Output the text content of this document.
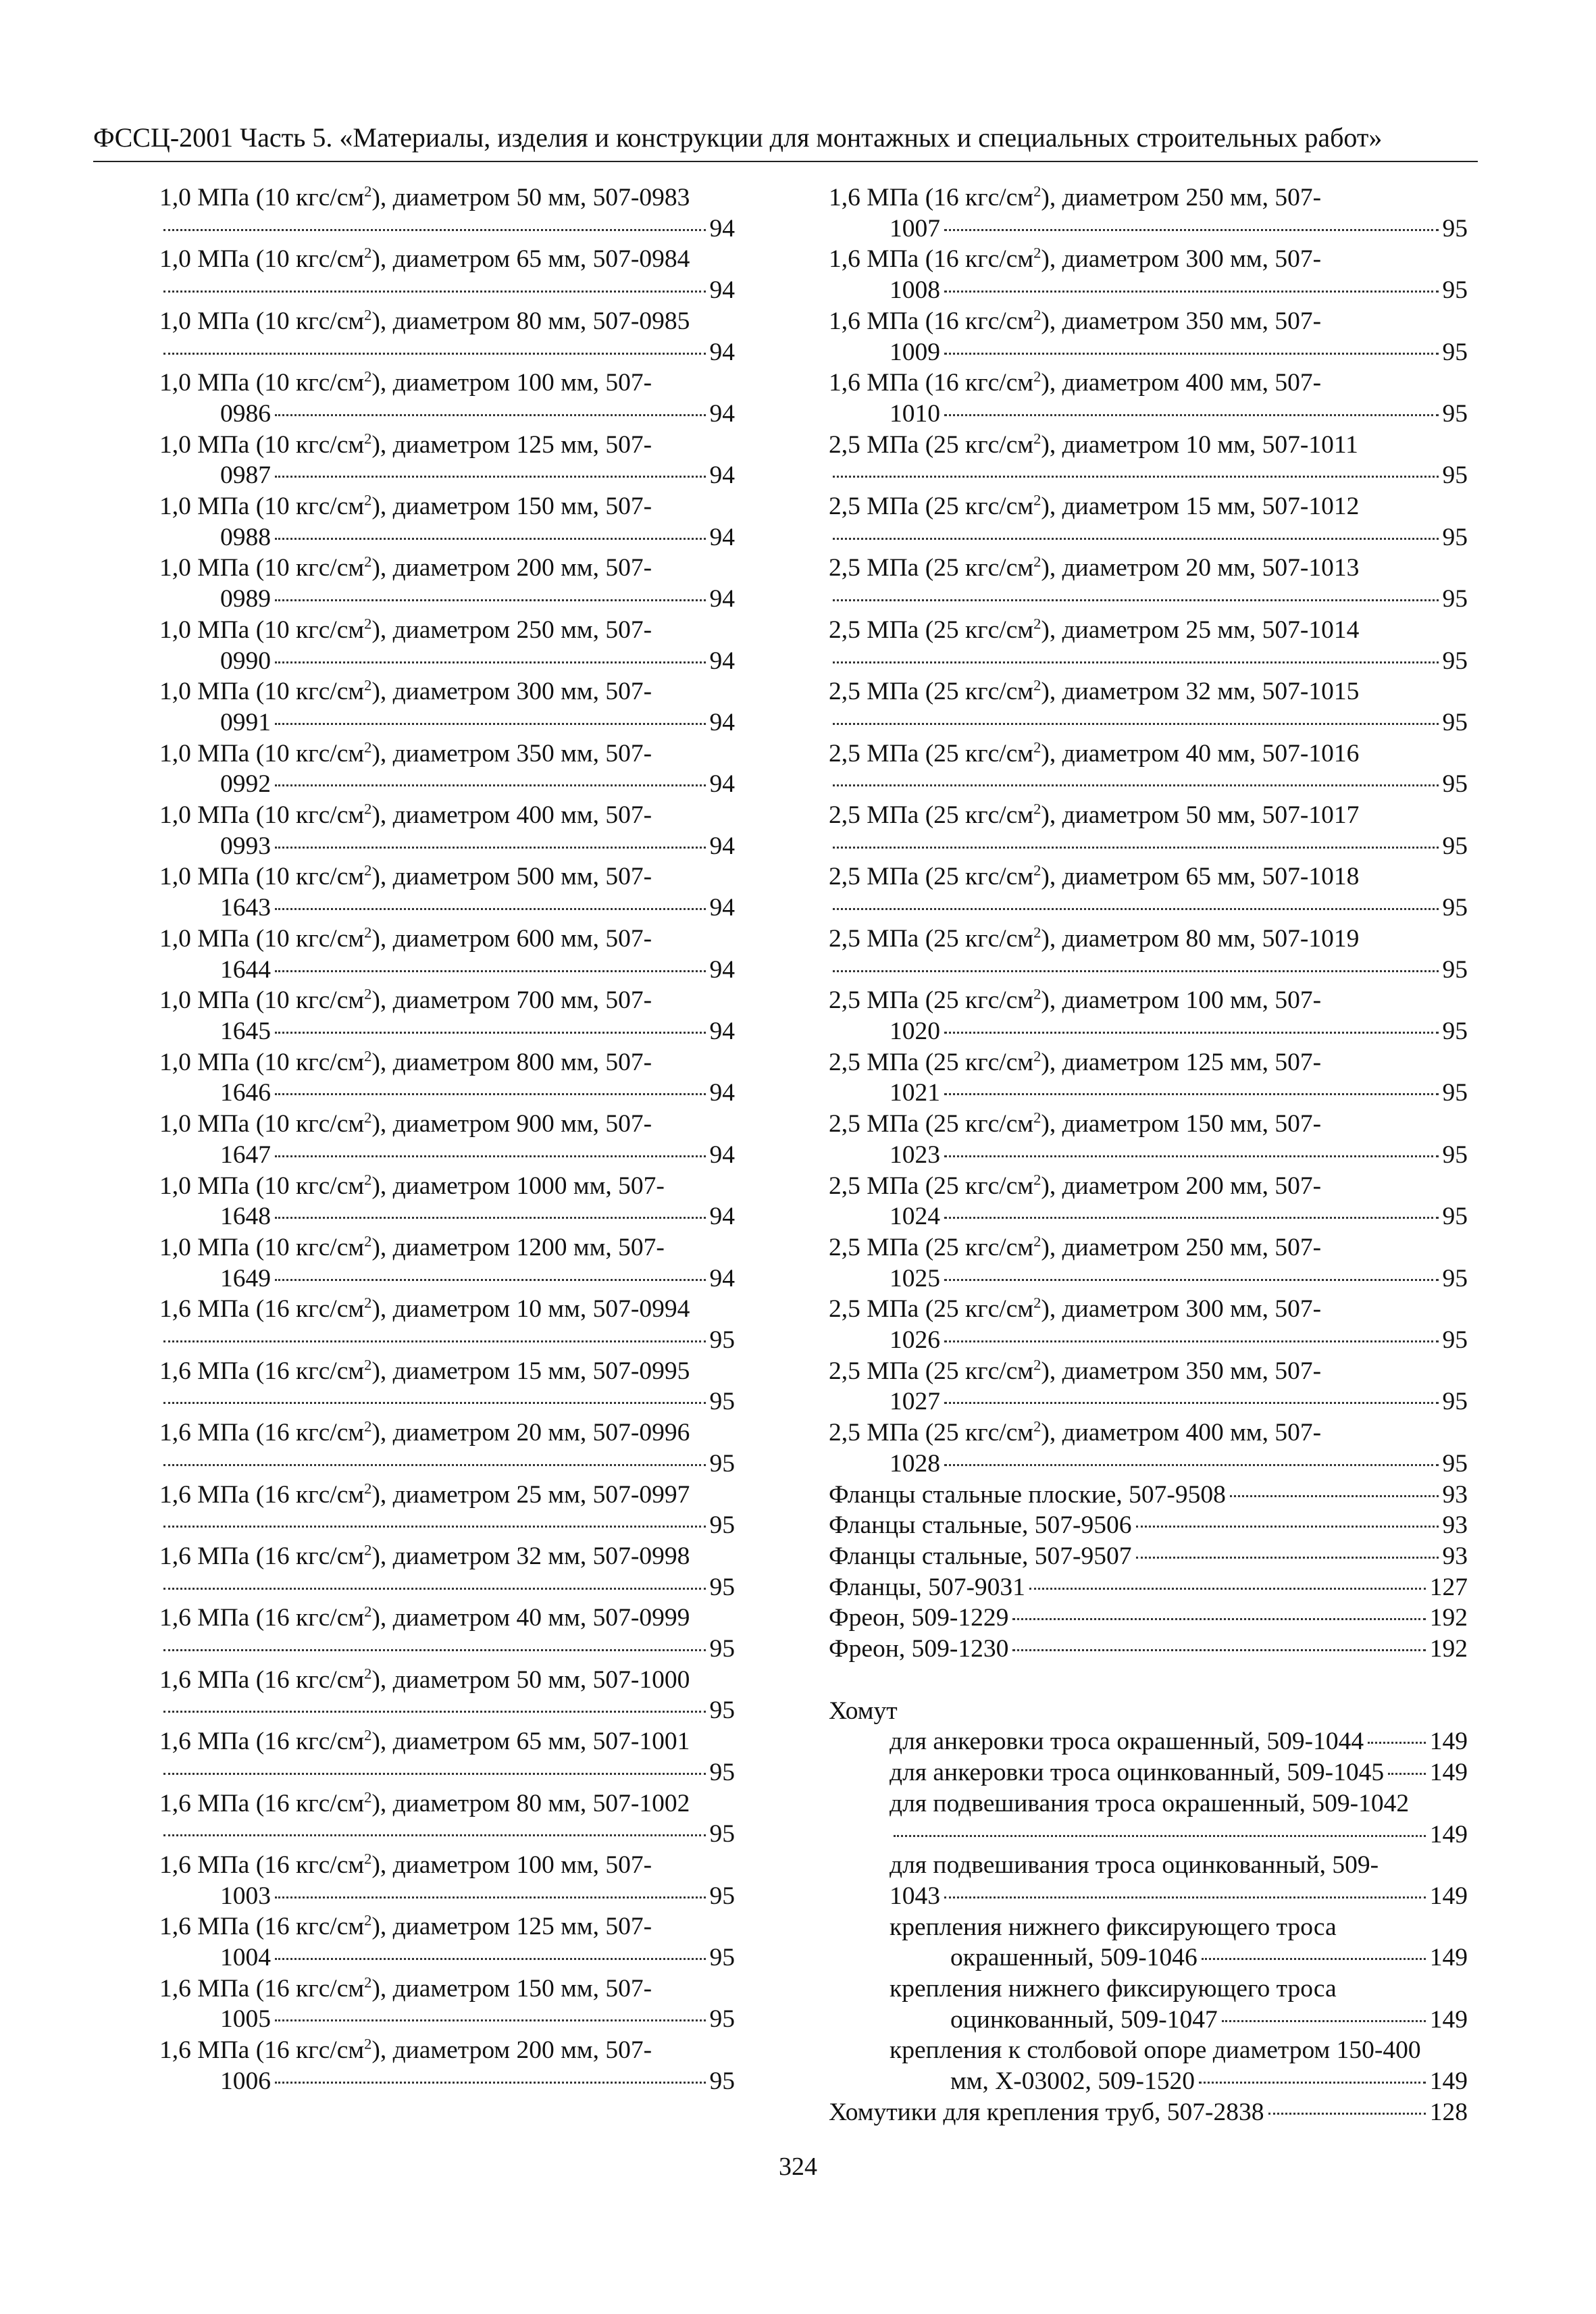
ФССЦ-2001 Часть 5. «Материалы, изделия и конструкции для монтажных и специальных строительных работ»
1,0 МПа (10 кгс/$см^2$), диаметром 50 мм, 507-0983
94
1,0 МПа (10 кгс/$см^2$), диаметром 65 мм, 507-0984
94
1,0 МПа (10 кгс/$см^2$), диаметром 80 мм, 507-0985
94
1,0 МПа (10 кгс/$см^2$), диаметром 100 мм, 507-
0986	94
1,0 МПа (10 кгс/$см^2$), диаметром 125 мм, 507-
0987	94
1,0 МПа (10 кгс/$см^2$), диаметром 150 мм, 507-
0988	94
1,0 МПа (10 кгс/$см^2$), диаметром 200 мм, 507-
0989	94
1,0 МПа (10 кгс/$см^2$), диаметром 250 мм, 507-
0990	94
1,0 МПа (10 кгс/$см^2$), диаметром 300 мм, 507-
0991	94
1,0 МПа (10 кгс/$см^2$), диаметром 350 мм, 507-
0992	94
1,0 МПа (10 кгс/$см^2$), диаметром 400 мм, 507-
0993	94
1,0 МПа (10 кгс/$см^2$), диаметром 500 мм, 507-
1643	94
1,0 МПа (10 кгс/$см^2$), диаметром 600 мм, 507-
1644	94
1,0 МПа (10 кгс/$см^2$), диаметром 700 мм, 507-
1645	94
1,0 МПа (10 кгс/$см^2$), диаметром 800 мм, 507-
1646	94
1,0 МПа (10 кгс/$см^2$), диаметром 900 мм, 507-
1647	94
1,0 МПа (10 кгс/$см^2$), диаметром 1000 мм, 507-
1648	94
1,0 МПа (10 кгс/$см^2$), диаметром 1200 мм, 507-
1649	94
1,6 МПа (16 кгс/$см^2$), диаметром 10 мм, 507-0994
95
1,6 МПа (16 кгс/$см^2$), диаметром 15 мм, 507-0995
95
1,6 МПа (16 кгс/$см^2$), диаметром 20 мм, 507-0996
95
1,6 МПа (16 кгс/$см^2$), диаметром 25 мм, 507-0997
95
1,6 МПа (16 кгс/$см^2$), диаметром 32 мм, 507-0998
95
1,6 МПа (16 кгс/$см^2$), диаметром 40 мм, 507-0999
95
1,6 МПа (16 кгс/$см^2$), диаметром 50 мм, 507-1000
95
1,6 МПа (16 кгс/$см^2$), диаметром 65 мм, 507-1001
95
1,6 МПа (16 кгс/$см^2$), диаметром 80 мм, 507-1002
95
1,6 МПа (16 кгс/$см^2$), диаметром 100 мм, 507-
1003	95
1,6 МПа (16 кгс/$см^2$), диаметром 125 мм, 507-
1004	95
1,6 МПа (16 кгс/$см^2$), диаметром 150 мм, 507-
1005	95
1,6 МПа (16 кгс/$см^2$), диаметром 200 мм, 507-
1006	95
1,6 МПа (16 кгс/$см^2$), диаметром 250 мм, 507-
1007	95
1,6 МПа (16 кгс/$см^2$), диаметром 300 мм, 507-
1008	95
1,6 МПа (16 кгс/$см^2$), диаметром 350 мм, 507-
1009	95
1,6 МПа (16 кгс/$см^2$), диаметром 400 мм, 507-
1010	95
2,5 МПа (25 кгс/$см^2$), диаметром 10 мм, 507-1011
95
2,5 МПа (25 кгс/$см^2$), диаметром 15 мм, 507-1012
95
2,5 МПа (25 кгс/$см^2$), диаметром 20 мм, 507-1013
95
2,5 МПа (25 кгс/$см^2$), диаметром 25 мм, 507-1014
95
2,5 МПа (25 кгс/$см^2$), диаметром 32 мм, 507-1015
95
2,5 МПа (25 кгс/$см^2$), диаметром 40 мм, 507-1016
95
2,5 МПа (25 кгс/$см^2$), диаметром 50 мм, 507-1017
95
2,5 МПа (25 кгс/$см^2$), диаметром 65 мм, 507-1018
95
2,5 МПа (25 кгс/$см^2$), диаметром 80 мм, 507-1019
95
2,5 МПа (25 кгс/$см^2$), диаметром 100 мм, 507-
1020	95
2,5 МПа (25 кгс/$см^2$), диаметром 125 мм, 507-
1021	95
2,5 МПа (25 кгс/$см^2$), диаметром 150 мм, 507-
1023	95
2,5 МПа (25 кгс/$см^2$), диаметром 200 мм, 507-
1024	95
2,5 МПа (25 кгс/$см^2$), диаметром 250 мм, 507-
1025	95
2,5 МПа (25 кгс/$см^2$), диаметром 300 мм, 507-
1026	95
2,5 МПа (25 кгс/$см^2$), диаметром 350 мм, 507-
1027	95
2,5 МПа (25 кгс/$см^2$), диаметром 400 мм, 507-
1028	95
Фланцы стальные плоские, 507-9508	93
Фланцы стальные, 507-9506	93
Фланцы стальные, 507-9507	93
Фланцы, 507-9031	127
Фреон, 509-1229	192
Фреон, 509-1230	192
Хомут
для анкеровки троса окрашенный, 509-1044	149
для анкеровки троса оцинкованный, 509-1045 149
для подвешивания троса окрашенный, 509-1042
149
для подвешивания троса оцинкованный, 509-
1043	149
крепления нижнего фиксирующего троса
окрашенный, 509-1046	149
крепления нижнего фиксирующего троса
оцинкованный, 509-1047	149
крепления к столбовой опоре диаметром 150-400
мм, Х-03002, 509-1520	149
Хомутики для крепления труб, 507-2838	128
324
